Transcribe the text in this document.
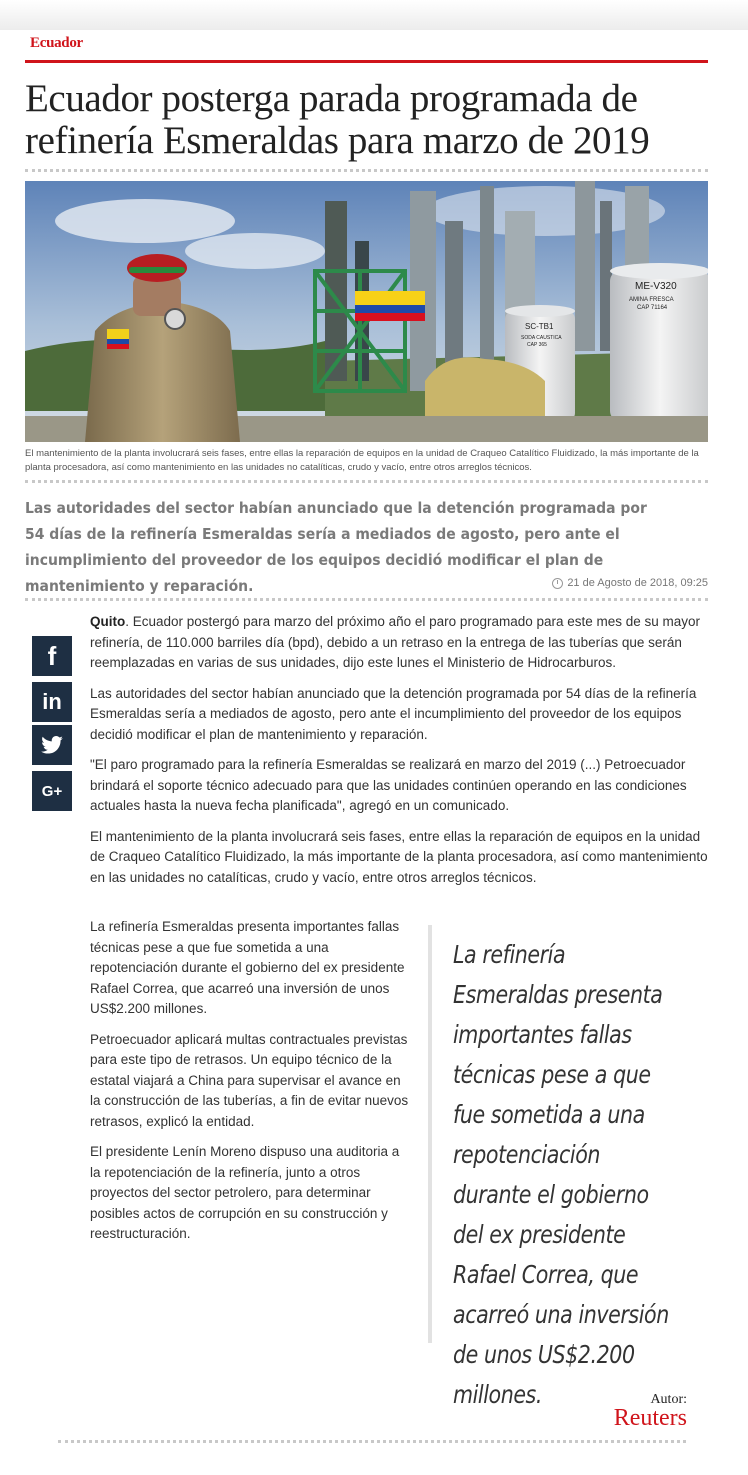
Ecuador
Ecuador posterga parada programada de refinería Esmeraldas para marzo de 2019
SC-TB1
SODA CAUSTICA
CAP 365
ME-V320
AMINA FRESCA
CAP 71164

El mantenimiento de la planta involucrará seis fases, entre ellas la reparación de equipos en la unidad de Craqueo Catalítico Fluidizado, la más importante de la planta procesadora, así como mantenimiento en las unidades no catalíticas, crudo y vacío, entre otros arreglos técnicos.

Las autoridades del sector habían anunciado que la detención programada por 54 días de la refinería Esmeraldas sería a mediados de agosto, pero ante el incumplimiento del proveedor de los equipos decidió modificar el plan de mantenimiento y reparación.	21 de Agosto de 2018, 09:25
f
in
G+

Quito. Ecuador postergó para marzo del próximo año el paro programado para este mes de su mayor refinería, de 110.000 barriles día (bpd), debido a un retraso en la entrega de las tuberías que serán reemplazadas en varias de sus unidades, dijo este lunes el Ministerio de Hidrocarburos.

Las autoridades del sector habían anunciado que la detención programada por 54 días de la refinería Esmeraldas sería a mediados de agosto, pero ante el incumplimiento del proveedor de los equipos decidió modificar el plan de mantenimiento y reparación.

"El paro programado para la refinería Esmeraldas se realizará en marzo del 2019 (...) Petroecuador brindará el soporte técnico adecuado para que las unidades continúen operando en las condiciones actuales hasta la nueva fecha planificada", agregó en un comunicado.

El mantenimiento de la planta involucrará seis fases, entre ellas la reparación de equipos en la unidad de Craqueo Catalítico Fluidizado, la más importante de la planta procesadora, así como mantenimiento en las unidades no catalíticas, crudo y vacío, entre otros arreglos técnicos.

La refinería Esmeraldas presenta importantes fallas técnicas pese a que fue sometida a una repotenciación durante el gobierno del ex presidente Rafael Correa, que acarreó una inversión de unos US$2.200 millones.

Petroecuador aplicará multas contractuales previstas para este tipo de retrasos. Un equipo técnico de la estatal viajará a China para supervisar el avance en la construcción de las tuberías, a fin de evitar nuevos retrasos, explicó la entidad.

El presidente Lenín Moreno dispuso una auditoria a la repotenciación de la refinería, junto a otros proyectos del sector petrolero, para determinar posibles actos de corrupción en su construcción y reestructuración.

La refinería Esmeraldas presenta importantes fallas técnicas pese a que fue sometida a una repotenciación durante el gobierno del ex presidente Rafael Correa, que acarreó una inversión de unos US$2.200 millones.	Autor:
Reuters
